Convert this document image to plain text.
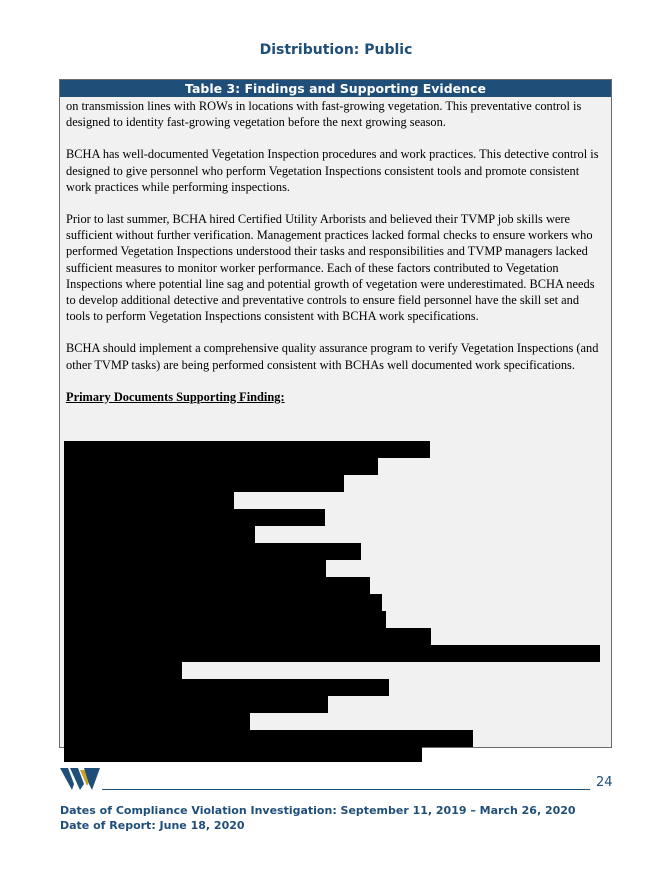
Distribution: Public
Table 3: Findings and Supporting Evidence

on transmission lines with ROWs in locations with fast-growing vegetation. This preventative control is designed to identity fast-growing vegetation before the next growing season.

BCHA has well-documented Vegetation Inspection procedures and work practices. This detective control is designed to give personnel who perform Vegetation Inspections consistent tools and promote consistent work practices while performing inspections.

Prior to last summer, BCHA hired Certified Utility Arborists and believed their TVMP job skills were sufficient without further verification. Management practices lacked formal checks to ensure workers who performed Vegetation Inspections understood their tasks and responsibilities and TVMP managers lacked sufficient measures to monitor worker performance. Each of these factors contributed to Vegetation Inspections where potential line sag and potential growth of vegetation were underestimated. BCHA needs to develop additional detective and preventative controls to ensure field personnel have the skill set and tools to perform Vegetation Inspections consistent with BCHA work specifications.

BCHA should implement a comprehensive quality assurance program to verify Vegetation Inspections (and other TVMP tasks) are being performed consistent with BCHAs well documented work specifications.

Primary Documents Supporting Finding:

24
Dates of Compliance Violation Investigation: September 11, 2019 – March 26, 2020
Date of Report: June 18, 2020
